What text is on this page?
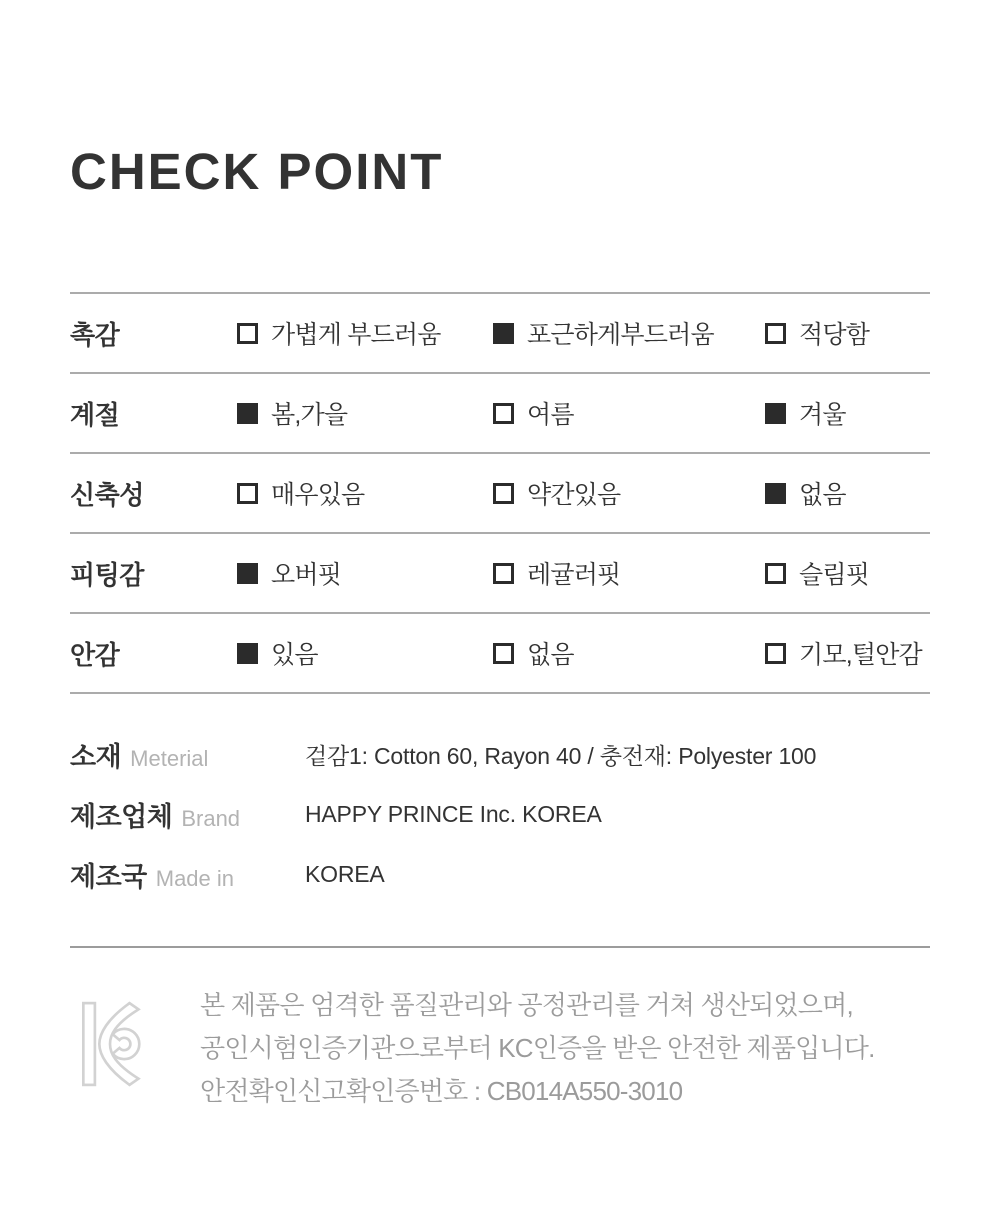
CHECK POINT
촉감	가볍게 부드러움	포근하게부드러움	적당함
계절	봄,가을	여름	겨울
신축성	매우있음	약간있음	없음
피팅감	오버핏	레귤러핏	슬림핏
안감	있음	없음	기모,털안감
소재 Meterial	겉감1: Cotton 60, Rayon 40 / 충전재: Polyester 100
제조업체 Brand	HAPPY PRINCE Inc. KOREA
제조국 Made in	KOREA
본 제품은 엄격한 품질관리와 공정관리를 거쳐 생산되었으며,
공인시험인증기관으로부터 KC인증을 받은 안전한 제품입니다.
안전확인신고확인증번호 : CB014A550-3010
